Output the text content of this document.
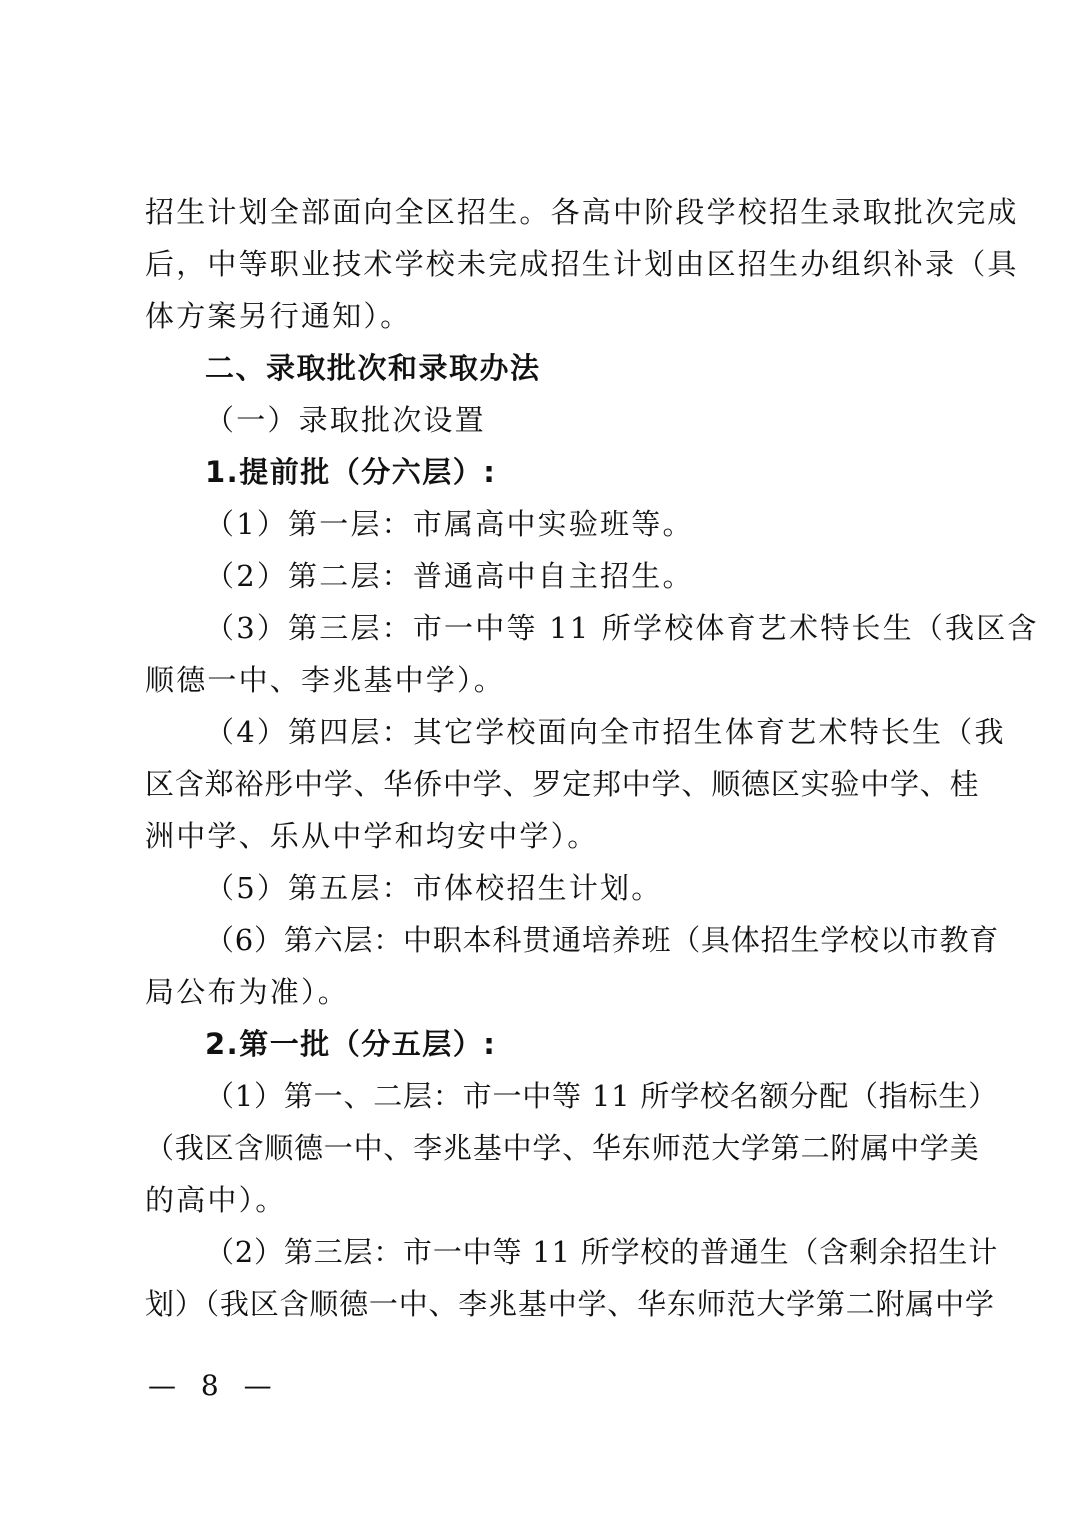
招生计划全部面向全区招生。各高中阶段学校招生录取批次完成
后，中等职业技术学校未完成招生计划由区招生办组织补录（具
体方案另行通知）。
二、录取批次和录取办法
（一）录取批次设置
1.提前批（分六层）:
（1）第一层：市属高中实验班等。
（2）第二层：普通高中自主招生。
（3）第三层：市一中等 11 所学校体育艺术特长生（我区含
顺德一中、李兆基中学）。
（4）第四层：其它学校面向全市招生体育艺术特长生（我
区含郑裕彤中学、华侨中学、罗定邦中学、顺德区实验中学、桂
洲中学、乐从中学和均安中学）。
（5）第五层：市体校招生计划。
（6）第六层：中职本科贯通培养班（具体招生学校以市教育
局公布为准）。
2.第一批（分五层）:
（1）第一、二层：市一中等 11 所学校名额分配（指标生）
（我区含顺德一中、李兆基中学、华东师范大学第二附属中学美
的高中）。
（2）第三层：市一中等 11 所学校的普通生（含剩余招生计
划）（我区含顺德一中、李兆基中学、华东师范大学第二附属中学
— 8 —
